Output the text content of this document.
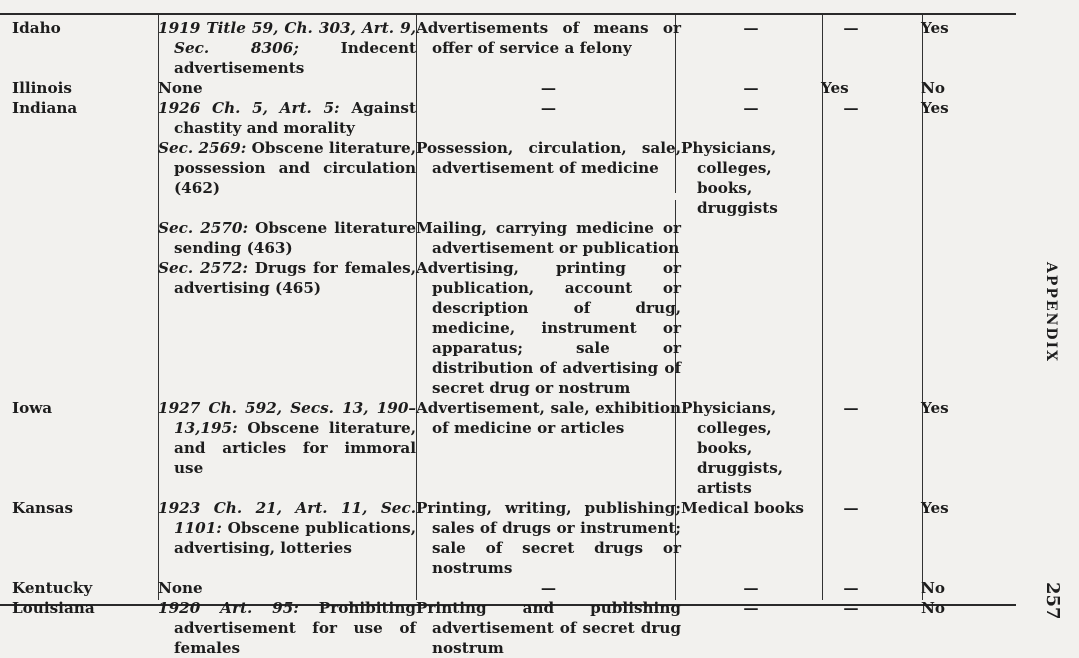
Idaho	1919 Title 59, Ch. 303, Art. 9, Sec. 8306; Indecent advertisements	Advertisements of means or offer of service a felony	—	—	Yes
Illinois	None	—	—	Yes	No
Indiana	1926 Ch. 5, Art. 5: Against chastity and morality	—	—	—	Yes

	Sec. 2569: Obscene literature, possession and circulation (462)	Possession, circulation, sale, advertisement of medicine	Physicians, colleges, books, druggists		

	Sec. 2570: Obscene literature sending (463)	Mailing, carrying medicine or advertisement or publication			

	Sec. 2572: Drugs for females, advertising (465)	Advertising, printing or publication, account or description of drug, medicine, instrument or apparatus; sale or distribution of advertising of secret drug or nostrum			

Iowa	1927 Ch. 592, Secs. 13, 190–13,195: Obscene literature, and articles for immoral use	Advertisement, sale, exhibition of medicine or articles	Physicians, colleges, books, druggists, artists	—	Yes
Kansas	1923 Ch. 21, Art. 11, Sec. 1101: Obscene publications, advertising, lotteries	Printing, writing, publishing; sales of drugs or instrument; sale of secret drugs or nostrums	Medical books	—	Yes
Kentucky	None	—	—	—	No
Louisiana	1920 Art. 95: Prohibiting advertisement for use of females	Printing and publishing advertisement of secret drug nostrum	—	—	No
APPENDIX
257
